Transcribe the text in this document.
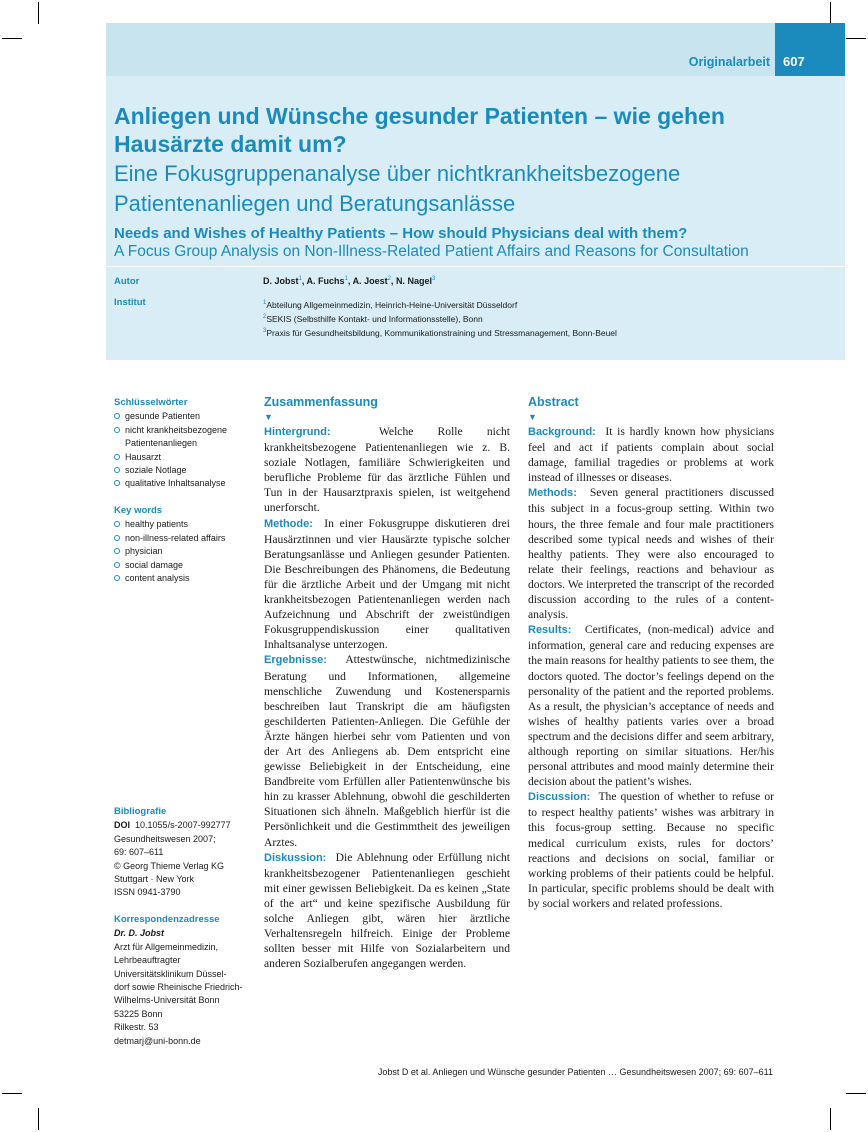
Originalarbeit	607
Anliegen und Wünsche gesunder Patienten – wie gehen Hausärzte damit um?
Eine Fokusgruppenanalyse über nichtkrankheitsbezogene Patientenanliegen und Beratungsanlässe
Needs and Wishes of Healthy Patients – How should Physicians deal with them?
A Focus Group Analysis on Non-Illness-Related Patient Affairs and Reasons for Consultation
Autor	D. Jobst$^1$, A. Fuchs$^1$, A. Joest$^2$, N. Nagel$^3$
Institut	$^1$Abteilung Allgemeinmedizin, Heinrich-Heine-Universität Düsseldorf
$^2$SEKIS (Selbsthilfe Kontakt- und Informationsstelle), Bonn
$^3$Praxis für Gesundheitsbildung, Kommunikationstraining und Stressmanagement, Bonn-Beuel
Schlüsselwörter
gesunde Patienten
nicht krankheitsbezogene Patientenanliegen
Hausarzt
soziale Notlage
qualitative Inhaltsanalyse
Key words
healthy patients
non-illness-related affairs
physician
social damage
content analysis
Bibliografie
DOI 10.1055/s-2007-992777
Gesundheitswesen 2007;
69: 607–611
© Georg Thieme Verlag KG
Stuttgart · New York
ISSN 0941-3790
Korrespondenzadresse
Dr. D. Jobst
Arzt für Allgemeinmedizin,
Lehrbeauftragter
Universitätsklinikum Düssel-
dorf sowie Rheinische Friedrich-
Wilhelms-Universität Bonn
53225 Bonn
Rilkestr. 53
detmarj@uni-bonn.de
Zusammenfassung
▼
Hintergrund:	Welche Rolle nicht krankheitsbezogene Patientenanliegen wie z. B. soziale Notlagen, familiäre Schwierigkeiten und berufliche Probleme für das ärztliche Fühlen und Tun in der Hausarztpraxis spielen, ist weitgehend unerforscht.
Methode: In einer Fokusgruppe diskutieren drei Hausärztinnen und vier Hausärzte typische solcher Beratungsanlässe und Anliegen gesunder Patienten. Die Beschreibungen des Phänomens, die Bedeutung für die ärztliche Arbeit und der Umgang mit nicht krankheitsbezogen Patientenanliegen werden nach Aufzeichnung und Abschrift der zweistündigen Fokusgruppendiskussion einer qualitativen Inhaltsanalyse unterzogen.
Ergebnisse: Attestwünsche, nichtmedizinische Beratung und Informationen, allgemeine menschliche Zuwendung und Kostenersparnis beschreiben laut Transkript die am häufigsten geschilderten Patienten-Anliegen. Die Gefühle der Ärzte hängen hierbei sehr vom Patienten und von der Art des Anliegens ab. Dem entspricht eine gewisse Beliebigkeit in der Entscheidung, eine Bandbreite vom Erfüllen aller Patientenwünsche bis hin zu krasser Ablehnung, obwohl die geschilderten Situationen sich ähneln. Maßgeblich hierfür ist die Persönlichkeit und die Gestimmtheit des jeweiligen Arztes.
Diskussion: Die Ablehnung oder Erfüllung nicht krankheitsbezogener Patientenanliegen geschieht mit einer gewissen Beliebigkeit. Da es keinen „State of the art“ und keine spezifische Ausbildung für solche Anliegen gibt, wären hier ärztliche Verhaltensregeln hilfreich. Einige der Probleme sollten besser mit Hilfe von Sozialarbeitern und anderen Sozialberufen angegangen werden.
Abstract
▼
Background: It is hardly known how physicians feel and act if patients complain about social damage, familial tragedies or problems at work instead of illnesses or diseases.
Methods: Seven general practitioners discussed this subject in a focus-group setting. Within two hours, the three female and four male practitioners described some typical needs and wishes of their healthy patients. They were also encouraged to relate their feelings, reactions and behaviour as doctors. We interpreted the transcript of the recorded discussion according to the rules of a content-analysis.
Results: Certificates, (non-medical) advice and information, general care and reducing expenses are the main reasons for healthy patients to see them, the doctors quoted. The doctor’s feelings depend on the personality of the patient and the reported problems. As a result, the physician’s acceptance of needs and wishes of healthy patients varies over a broad spectrum and the decisions differ and seem arbitrary, although reporting on similar situations. Her/his personal attributes and mood mainly determine their decision about the patient’s wishes.
Discussion: The question of whether to refuse or to respect healthy patients’ wishes was arbitrary in this focus-group setting. Because no specific medical curriculum exists, rules for doctors’ reactions and decisions on social, familiar or working problems of their patients could be helpful. In particular, specific problems should be dealt with by social workers and related professions.
Jobst D et al. Anliegen und Wünsche gesunder Patienten … Gesundheitswesen 2007; 69: 607–611
